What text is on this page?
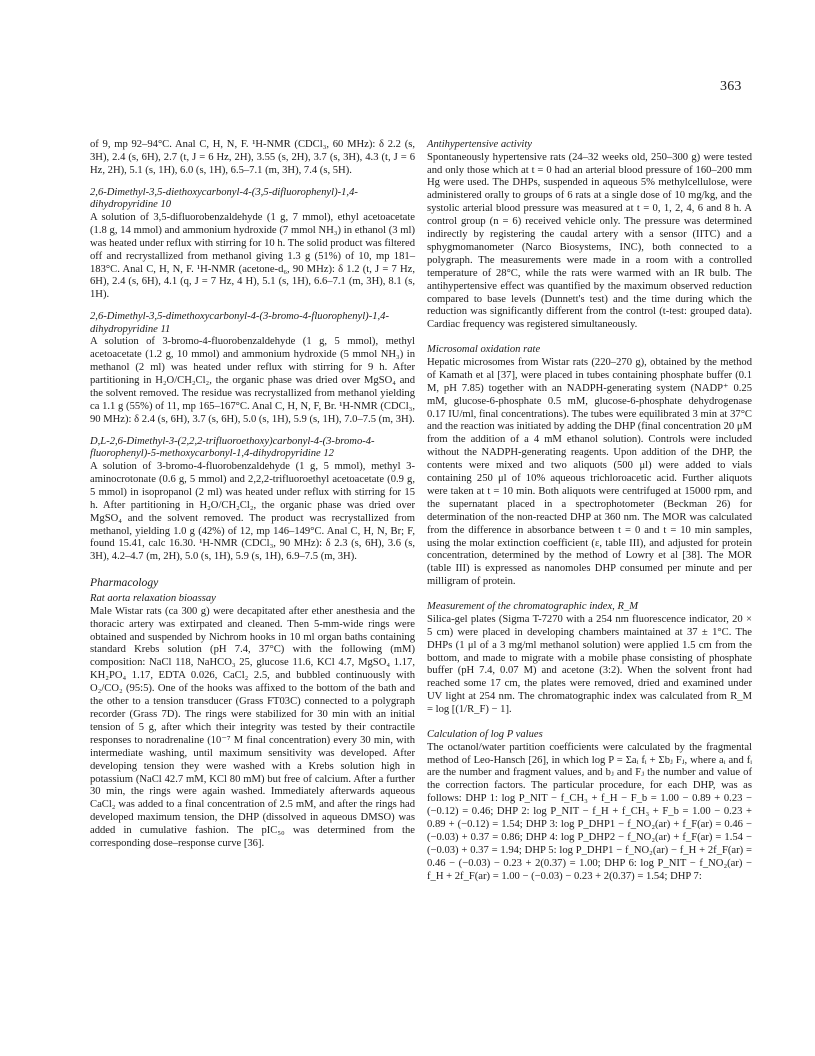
363

of 9, mp 92–94°C. Anal C, H, N, F. ¹H-NMR (CDCl₃, 60 MHz): δ 2.2 (s, 3H), 2.4 (s, 6H), 2.7 (t, J = 6 Hz, 2H), 3.55 (s, 2H), 3.7 (s, 3H), 4.3 (t, J = 6 Hz, 2H), 5.1 (s, 1H), 6.0 (s, 1H), 6.5–7.1 (m, 3H), 7.4 (s, 5H).

2,6-Dimethyl-3,5-diethoxycarbonyl-4-(3,5-difluorophenyl)-1,4-dihydropyridine 10

A solution of 3,5-difluorobenzaldehyde (1 g, 7 mmol), ethyl acetoacetate (1.8 g, 14 mmol) and ammonium hydroxide (7 mmol NH₃) in ethanol (3 ml) was heated under reflux with stirring for 10 h. The solid product was filtered off and recrystallized from methanol giving 1.3 g (51%) of 10, mp 181–183°C. Anal C, H, N, F. ¹H-NMR (acetone-d₆, 90 MHz): δ 1.2 (t, J = 7 Hz, 6H), 2.4 (s, 6H), 4.1 (q, J = 7 Hz, 4 H), 5.1 (s, 1H), 6.6–7.1 (m, 3H), 8.1 (s, 1H).

2,6-Dimethyl-3,5-dimethoxycarbonyl-4-(3-bromo-4-fluorophenyl)-1,4-dihydropyridine 11

A solution of 3-bromo-4-fluorobenzaldehyde (1 g, 5 mmol), methyl acetoacetate (1.2 g, 10 mmol) and ammonium hydroxide (5 mmol NH₃) in methanol (2 ml) was heated under reflux with stirring for 9 h. After partitioning in H₂O/CH₂Cl₂, the organic phase was dried over MgSO₄ and the solvent removed. The residue was recrystallized from methanol yielding ca 1.1 g (55%) of 11, mp 165–167°C. Anal C, H, N, F, Br. ¹H-NMR (CDCl₃, 90 MHz): δ 2.4 (s, 6H), 3.7 (s, 6H), 5.0 (s, 1H), 5.9 (s, 1H), 7.0–7.5 (m, 3H).

D,L-2,6-Dimethyl-3-(2,2,2-trifluoroethoxy)carbonyl-4-(3-bromo-4-fluorophenyl)-5-methoxycarbonyl-1,4-dihydropyridine 12

A solution of 3-bromo-4-fluorobenzaldehyde (1 g, 5 mmol), methyl 3-aminocrotonate (0.6 g, 5 mmol) and 2,2,2-trifluoroethyl acetoacetate (0.9 g, 5 mmol) in isopropanol (2 ml) was heated under reflux with stirring for 15 h. After partitioning in H₂O/CH₂Cl₂, the organic phase was dried over MgSO₄ and the solvent removed. The product was recrystallized from methanol, yielding 1.0 g (42%) of 12, mp 146–149°C. Anal C, H, N, Br; F, found 15.41, calc 16.30. ¹H-NMR (CDCl₃, 90 MHz): δ 2.3 (s, 6H), 3.6 (s, 3H), 4.2–4.7 (m, 2H), 5.0 (s, 1H), 5.9 (s, 1H), 6.9–7.5 (m, 3H).

Pharmacology
Rat aorta relaxation bioassay

Male Wistar rats (ca 300 g) were decapitated after ether anesthesia and the thoracic artery was extirpated and cleaned. Then 5-mm-wide rings were obtained and suspended by Nichrom hooks in 10 ml organ baths containing standard Krebs solution (pH 7.4, 37°C) with the following (mM) composition: NaCl 118, NaHCO₃ 25, glucose 11.6, KCl 4.7, MgSO₄ 1.17, KH₂PO₄ 1.17, EDTA 0.026, CaCl₂ 2.5, and bubbled continuously with O₂/CO₂ (95:5). One of the hooks was affixed to the bottom of the bath and the other to a tension transducer (Grass FT03C) connected to a polygraph recorder (Grass 7D). The rings were stabilized for 30 min with an initial tension of 5 g, after which their integrity was tested by their contractile responses to noradrenaline (10⁻⁷ M final concentration) every 30 min, with intermediate washing, until maximum sensitivity was developed. After developing tension they were washed with a Krebs solution high in potassium (NaCl 42.7 mM, KCl 80 mM) but free of calcium. After a further 30 min, the rings were again washed. Immediately afterwards aqueous CaCl₂ was added to a final concentration of 2.5 mM, and after the rings had developed maximum tension, the DHP (dissolved in aqueous DMSO) was added in cumulative fashion. The pIC₅₀ was determined from the corresponding dose–response curve [36].

Antihypertensive activity

Spontaneously hypertensive rats (24–32 weeks old, 250–300 g) were tested and only those which at t = 0 had an arterial blood pressure of 160–200 mm Hg were used. The DHPs, suspended in aqueous 5% methylcellulose, were administered orally to groups of 6 rats at a single dose of 10 mg/kg, and the systolic arterial blood pressure was measured at t = 0, 1, 2, 4, 6 and 8 h. A control group (n = 6) received vehicle only. The pressure was determined indirectly by registering the caudal artery with a sensor (IITC) and a sphygmomanometer (Narco Biosystems, INC), both connected to a polygraph. The measurements were made in a room with a controlled temperature of 28°C, while the rats were warmed with an IR bulb. The antihypertensive effect was quantified by the maximum observed reduction compared to base levels (Dunnett's test) and the time during which the reduction was significantly different from the control (t-test: grouped data). Cardiac frequency was registered simultaneously.

Microsomal oxidation rate

Hepatic microsomes from Wistar rats (220–270 g), obtained by the method of Kamath et al [37], were placed in tubes containing phosphate buffer (0.1 M, pH 7.85) together with an NADPH-generating system (NADP⁺ 0.25 mM, glucose-6-phosphate 0.5 mM, glucose-6-phosphate dehydrogenase 0.17 IU/ml, final concentrations). The tubes were equilibrated 3 min at 37°C and the reaction was initiated by adding the DHP (final concentration 20 μM from the addition of a 4 mM ethanol solution). Controls were included without the NADPH-generating reagents. Upon addition of the DHP, the contents were mixed and two aliquots (500 μl) were added to vials containing 250 μl of 10% aqueous trichloroacetic acid. Further aliquots were taken at t = 10 min. Both aliquots were centrifuged at 15000 rpm, and the supernatant placed in a spectrophotometer (Beckman 26) for determination of the non-reacted DHP at 360 nm. The MOR was calculated from the difference in absorbance between t = 0 and t = 10 min samples, using the molar extinction coefficient (ε, table III), and adjusted for protein concentration, determined by the method of Lowry et al [38]. The MOR (table III) is expressed as nanomoles DHP consumed per minute and per milligram of protein.

Measurement of the chromatographic index, R_M

Silica-gel plates (Sigma T-7270 with a 254 nm fluorescence indicator, 20 × 5 cm) were placed in developing chambers maintained at 37 ± 1°C. The DHPs (1 μl of a 3 mg/ml methanol solution) were applied 1.5 cm from the bottom, and made to migrate with a mobile phase consisting of phosphate buffer (pH 7.4, 0.07 M) and acetone (3:2). When the solvent front had reached some 17 cm, the plates were removed, dried and examined under UV light at 254 nm. The chromatographic index was calculated from R_M = log [(1/R_F) − 1].

Calculation of log P values

The octanol/water partition coefficients were calculated by the fragmental method of Leo-Hansch [26], in which log P = Σaᵢ fᵢ + Σbⱼ Fⱼ, where aᵢ and fᵢ are the number and fragment values, and bⱼ and Fⱼ the number and value of the correction factors. The particular procedure, for each DHP, was as follows: DHP 1: log P_NIT − f_CH₃ + f_H − F_b = 1.00 − 0.89 + 0.23 − (−0.12) = 0.46; DHP 2: log P_NIT − f_H + f_CH₃ + F_b = 1.00 − 0.23 + 0.89 + (−0.12) = 1.54; DHP 3: log P_DHP1 − f_NO₂(ar) + f_F(ar) = 0.46 − (−0.03) + 0.37 = 0.86; DHP 4: log P_DHP2 − f_NO₂(ar) + f_F(ar) = 1.54 − (−0.03) + 0.37 = 1.94; DHP 5: log P_DHP1 − f_NO₂(ar) − f_H + 2f_F(ar) = 0.46 − (−0.03) − 0.23 + 2(0.37) = 1.00; DHP 6: log P_NIT − f_NO₂(ar) − f_H + 2f_F(ar) = 1.00 − (−0.03) − 0.23 + 2(0.37) = 1.54; DHP 7:
